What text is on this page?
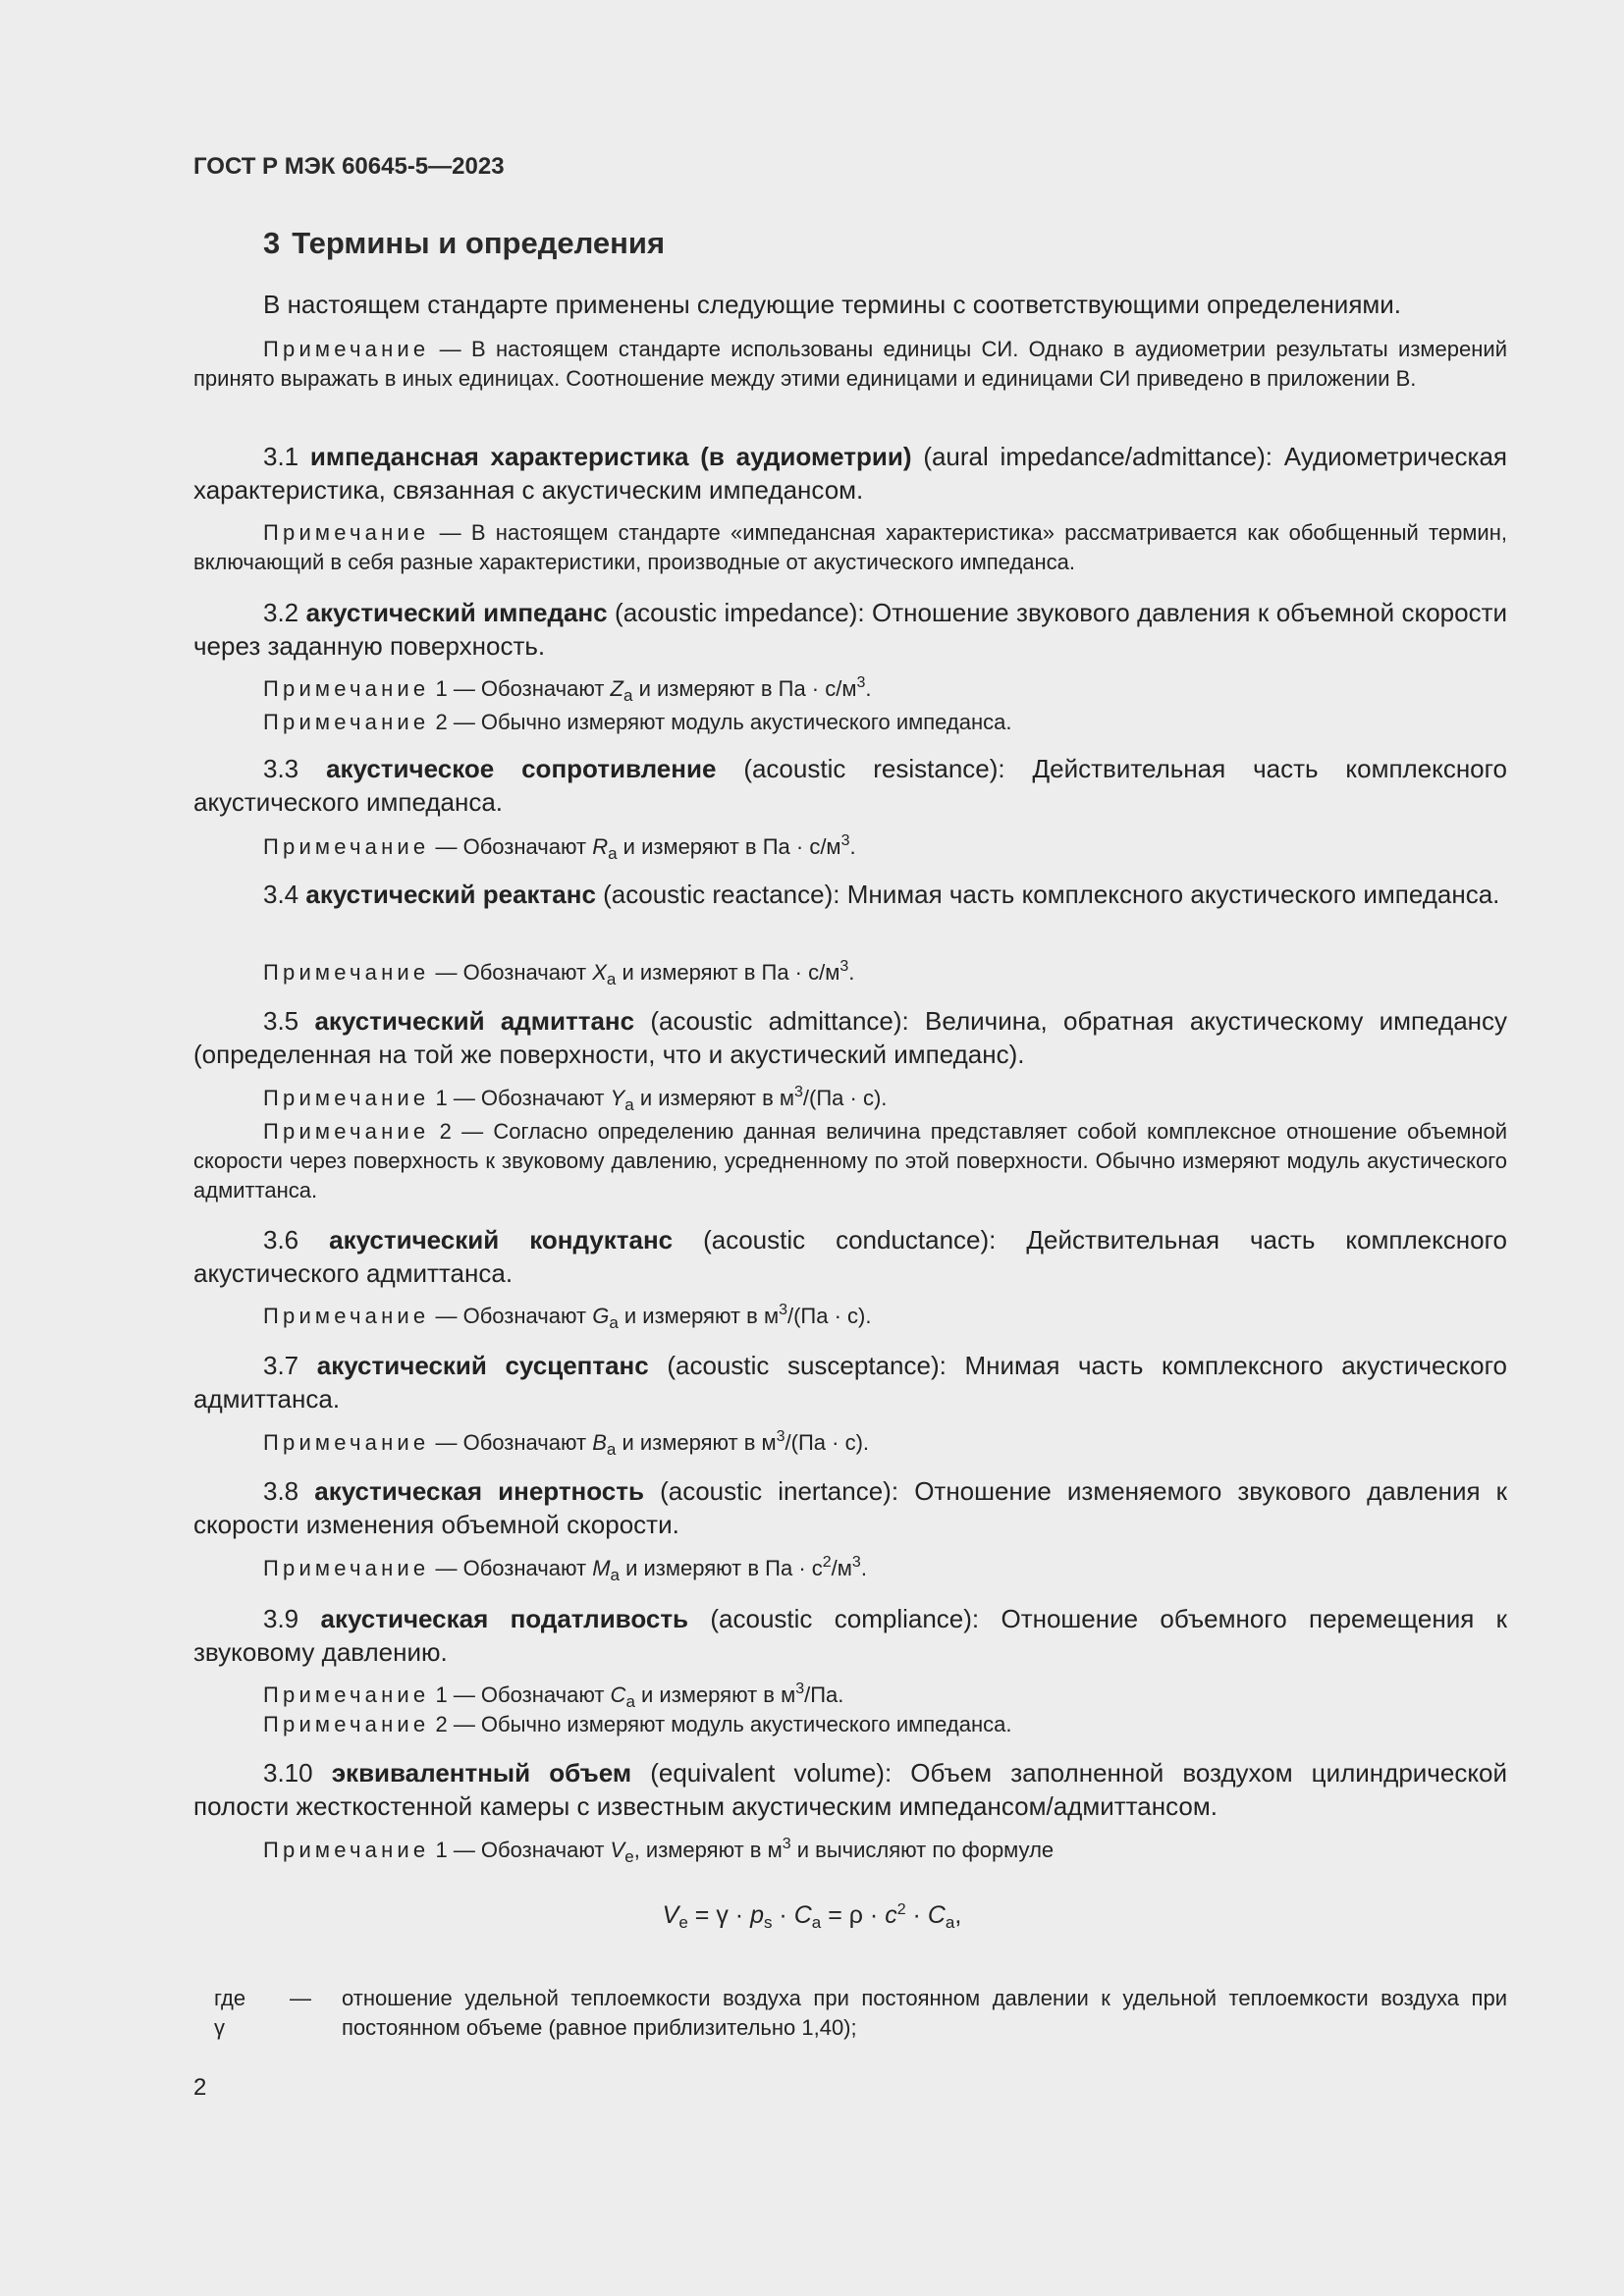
ГОСТ Р МЭК 60645-5—2023
3 Термины и определения
В настоящем стандарте применены следующие термины с соответствующими определениями.
Примечание — В настоящем стандарте использованы единицы СИ. Однако в аудиометрии результаты измерений принято выражать в иных единицах. Соотношение между этими единицами и единицами СИ приведено в приложении В.
3.1 импедансная характеристика (в аудиометрии) (aural impedance/admittance): Аудиометрическая характеристика, связанная с акустическим импедансом.
Примечание — В настоящем стандарте «импедансная характеристика» рассматривается как обобщенный термин, включающий в себя разные характеристики, производные от акустического импеданса.
3.2 акустический импеданс (acoustic impedance): Отношение звукового давления к объемной скорости через заданную поверхность.
Примечание 1 — Обозначают $Z_a$ и измеряют в Па · $с/м^3$.
Примечание 2 — Обычно измеряют модуль акустического импеданса.
3.3 акустическое сопротивление (acoustic resistance): Действительная часть комплексного акустического импеданса.
Примечание — Обозначают $R_a$ и измеряют в Па · $с/м^3$.
3.4 акустический реактанс (acoustic reactance): Мнимая часть комплексного акустического импеданса.
Примечание — Обозначают $X_a$ и измеряют в Па · $с/м^3$.
3.5 акустический адмиттанс (acoustic admittance): Величина, обратная акустическому импедансу (определенная на той же поверхности, что и акустический импеданс).
Примечание 1 — Обозначают $Y_a$ и измеряют в $м^3/(Па \cdot с)$.
Примечание 2 — Согласно определению данная величина представляет собой комплексное отношение объемной скорости через поверхность к звуковому давлению, усредненному по этой поверхности. Обычно измеряют модуль акустического адмиттанса.
3.6 акустический кондуктанс (acoustic conductance): Действительная часть комплексного акустического адмиттанса.
Примечание — Обозначают $G_a$ и измеряют в $м^3/(Па \cdot с)$.
3.7 акустический сусцептанс (acoustic susceptance): Мнимая часть комплексного акустического адмиттанса.
Примечание — Обозначают $B_a$ и измеряют в $м^3/(Па \cdot с)$.
3.8 акустическая инертность (acoustic inertance): Отношение изменяемого звукового давления к скорости изменения объемной скорости.
Примечание — Обозначают $M_a$ и измеряют в Па · $с^2/м^3$.
3.9 акустическая податливость (acoustic compliance): Отношение объемного перемещения к звуковому давлению.
Примечание 1 — Обозначают $C_a$ и измеряют в $м^3/Па$.
Примечание 2 — Обычно измеряют модуль акустического импеданса.
3.10 эквивалентный объем (equivalent volume): Объем заполненной воздухом цилиндрической полости жесткостенной камеры с известным акустическим импедансом/адмиттансом.
Примечание 1 — Обозначают $V_e$, измеряют в $м^3$ и вычисляют по формуле
$V_e = \gamma \cdot p_s \cdot C_a = \rho \cdot c^2 \cdot C_a$,
где γ
— отношение удельной теплоемкости воздуха при постоянном давлении к удельной теплоемкости воздуха при постоянном объеме (равное приблизительно 1,40);
2
